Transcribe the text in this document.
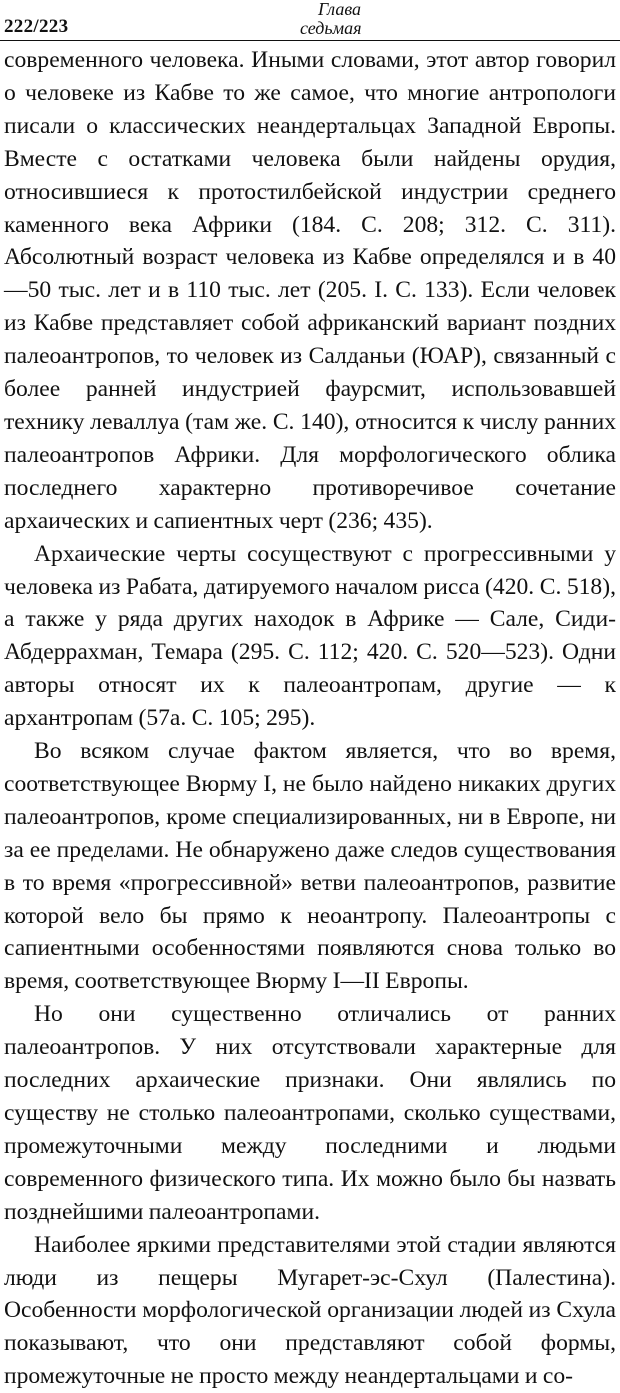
222/223
Глава
седьмая

современного человека. Иными словами, этот автор говорил о человеке из Кабве то же самое, что многие антропологи писали о классических неандертальцах Западной Европы. Вместе с остатками человека были найдены орудия, относившиеся к протостилбейской индустрии среднего каменного века Африки (184. С. 208; 312. С. 311). Абсолютный возраст человека из Кабве определялся и в 40—50 тыс. лет и в 110 тыс. лет (205. I. С. 133). Если человек из Кабве представляет собой африканский вариант поздних палеоантропов, то человек из Салданьи (ЮАР), связанный с более ранней индустрией фаурсмит, использовавшей технику леваллуа (там же. С. 140), относится к числу ранних палеоантропов Африки. Для морфологического облика последнего характерно противоречивое сочетание архаических и сапиентных черт (236; 435).

Архаические черты сосуществуют с прогрессивными у человека из Рабата, датируемого началом рисса (420. С. 518), а также у ряда других находок в Африке — Сале, Сиди-Абдеррахман, Темара (295. С. 112; 420. С. 520—523). Одни авторы относят их к палеоантропам, другие — к архантропам (57а. С. 105; 295).

Во всяком случае фактом является, что во время, соответствующее Вюрму I, не было найдено никаких других палеоантропов, кроме специализированных, ни в Европе, ни за ее пределами. Не обнаружено даже следов существования в то время «прогрессивной» ветви палеоантропов, развитие которой вело бы прямо к неоантропу. Палеоантропы с сапиентными особенностями появляются снова только во время, соответствующее Вюрму I—II Европы.

Но они существенно отличались от ранних палеоантропов. У них отсутствовали характерные для последних архаические признаки. Они являлись по существу не столько палеоантропами, сколько существами, промежуточными между последними и людьми современного физического типа. Их можно было бы назвать позднейшими палеоантропами.

Наиболее яркими представителями этой стадии являются люди из пещеры Мугарет-эс-Схул (Палестина). Особенности морфологической организации людей из Схула показывают, что они представляют собой формы, промежуточные не просто между неандертальцами и со-
